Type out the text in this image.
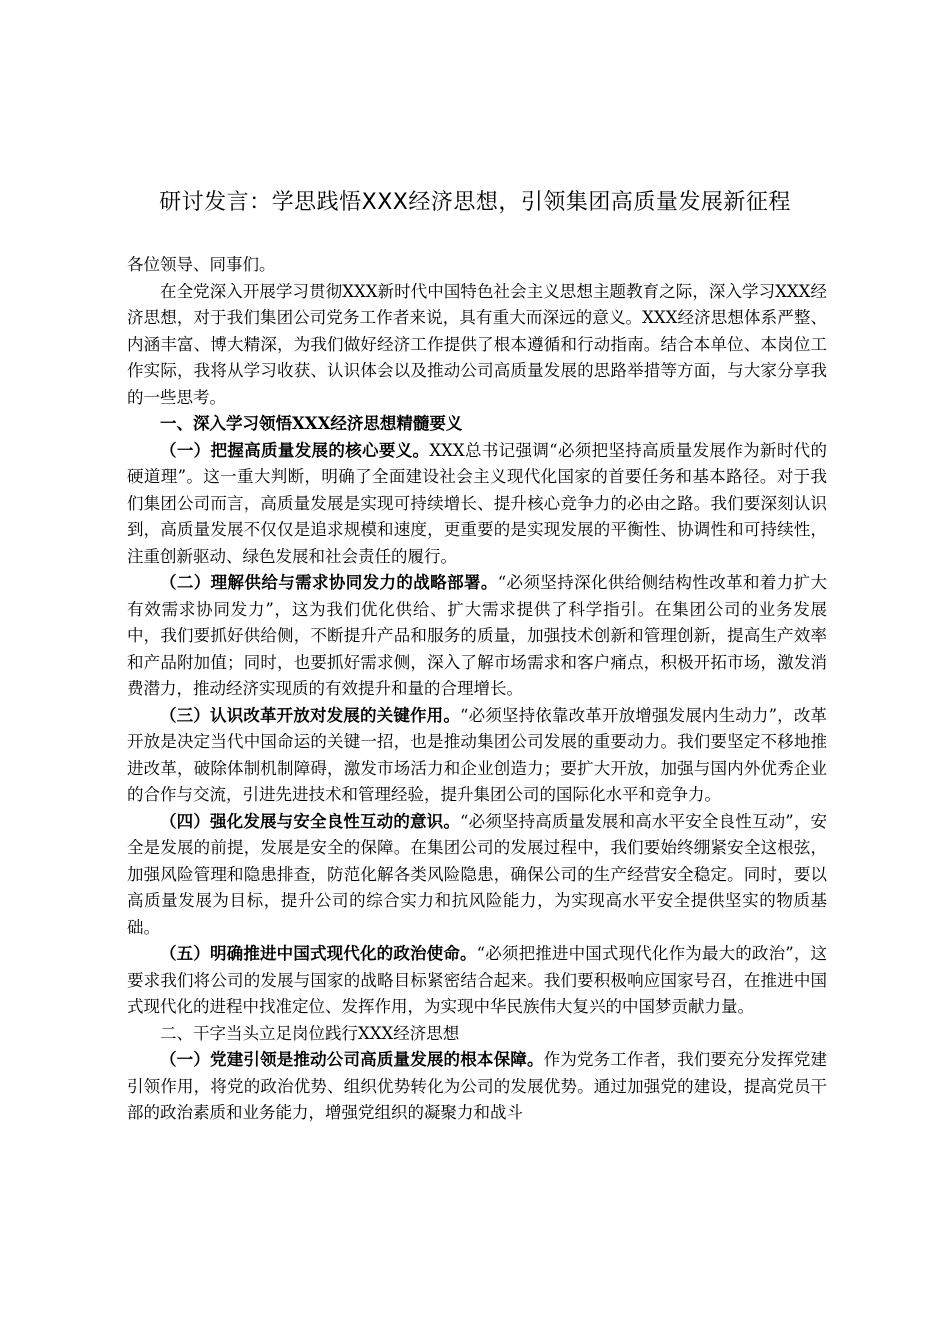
研讨发言：学思践悟XXX经济思想，引领集团高质量发展新征程

各位领导、同事们。

在全党深入开展学习贯彻XXX新时代中国特色社会主义思想主题教育之际，深入学习XXX经济思想，对于我们集团公司党务工作者来说，具有重大而深远的意义。XXX经济思想体系严整、内涵丰富、博大精深，为我们做好经济工作提供了根本遵循和行动指南。结合本单位、本岗位工作实际，我将从学习收获、认识体会以及推动公司高质量发展的思路举措等方面，与大家分享我的一些思考。

一、深入学习领悟XXX经济思想精髓要义

（一）把握高质量发展的核心要义。XXX总书记强调“必须把坚持高质量发展作为新时代的硬道理”。这一重大判断，明确了全面建设社会主义现代化国家的首要任务和基本路径。对于我们集团公司而言，高质量发展是实现可持续增长、提升核心竞争力的必由之路。我们要深刻认识到，高质量发展不仅仅是追求规模和速度，更重要的是实现发展的平衡性、协调性和可持续性，注重创新驱动、绿色发展和社会责任的履行。

（二）理解供给与需求协同发力的战略部署。“必须坚持深化供给侧结构性改革和着力扩大有效需求协同发力”，这为我们优化供给、扩大需求提供了科学指引。在集团公司的业务发展中，我们要抓好供给侧，不断提升产品和服务的质量，加强技术创新和管理创新，提高生产效率和产品附加值；同时，也要抓好需求侧，深入了解市场需求和客户痛点，积极开拓市场，激发消费潜力，推动经济实现质的有效提升和量的合理增长。

（三）认识改革开放对发展的关键作用。“必须坚持依靠改革开放增强发展内生动力”，改革开放是决定当代中国命运的关键一招，也是推动集团公司发展的重要动力。我们要坚定不移地推进改革，破除体制机制障碍，激发市场活力和企业创造力；要扩大开放，加强与国内外优秀企业的合作与交流，引进先进技术和管理经验，提升集团公司的国际化水平和竞争力。

（四）强化发展与安全良性互动的意识。“必须坚持高质量发展和高水平安全良性互动”，安全是发展的前提，发展是安全的保障。在集团公司的发展过程中，我们要始终绷紧安全这根弦，加强风险管理和隐患排查，防范化解各类风险隐患，确保公司的生产经营安全稳定。同时，要以高质量发展为目标，提升公司的综合实力和抗风险能力，为实现高水平安全提供坚实的物质基础。

（五）明确推进中国式现代化的政治使命。“必须把推进中国式现代化作为最大的政治”，这要求我们将公司的发展与国家的战略目标紧密结合起来。我们要积极响应国家号召，在推进中国式现代化的进程中找准定位、发挥作用，为实现中华民族伟大复兴的中国梦贡献力量。

二、干字当头立足岗位践行XXX经济思想

（一）党建引领是推动公司高质量发展的根本保障。作为党务工作者，我们要充分发挥党建引领作用，将党的政治优势、组织优势转化为公司的发展优势。通过加强党的建设，提高党员干部的政治素质和业务能力，增强党组织的凝聚力和战斗
